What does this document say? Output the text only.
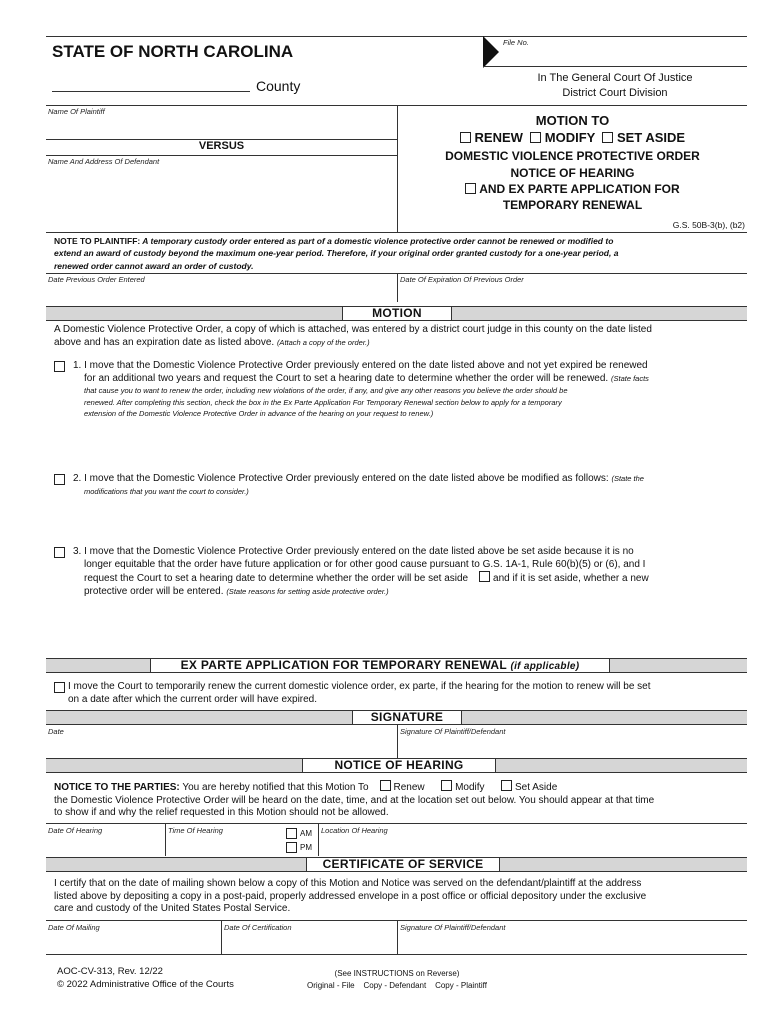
STATE OF NORTH CAROLINA
County
File No.
In The General Court Of Justice
District Court Division
Name Of Plaintiff
VERSUS
Name And Address Of Defendant
MOTION TO
RENEW MODIFY SET ASIDE
DOMESTIC VIOLENCE PROTECTIVE ORDER
NOTICE OF HEARING
AND EX PARTE APPLICATION FOR
TEMPORARY RENEWAL
G.S. 50B-3(b), (b2)
NOTE TO PLAINTIFF: A temporary custody order entered as part of a domestic violence protective order cannot be renewed or modified to
extend an award of custody beyond the maximum one-year period. Therefore, if your original order granted custody for a one-year period, a
renewed order cannot award an order of custody.
Date Previous Order Entered	Date Of Expiration Of Previous Order
MOTION
A Domestic Violence Protective Order, a copy of which is attached, was entered by a district court judge in this county on the date listed
above and has an expiration date as listed above. (Attach a copy of the order.)
1. I move that the Domestic Violence Protective Order previously entered on the date listed above and not yet expired be renewed
for an additional two years and request the Court to set a hearing date to determine whether the order will be renewed. (State facts
that cause you to want to renew the order, including new violations of the order, if any, and give any other reasons you believe the order should be
renewed. After completing this section, check the box in the Ex Parte Application For Temporary Renewal section below to apply for a temporary
extension of the Domestic Violence Protective Order in advance of the hearing on your request to renew.)
2. I move that the Domestic Violence Protective Order previously entered on the date listed above be modified as follows: (State the
modifications that you want the court to consider.)
3. I move that the Domestic Violence Protective Order previously entered on the date listed above be set aside because it is no
longer equitable that the order have future application or for other good cause pursuant to G.S. 1A-1, Rule 60(b)(5) or (6), and I
request the Court to set a hearing date to determine whether the order will be set aside and if it is set aside, whether a new
protective order will be entered. (State reasons for setting aside protective order.)
EX PARTE APPLICATION FOR TEMPORARY RENEWAL (if applicable)
I move the Court to temporarily renew the current domestic violence order, ex parte, if the hearing for the motion to renew will be set
on a date after which the current order will have expired.
SIGNATURE
Date	Signature Of Plaintiff/Defendant
NOTICE OF HEARING
NOTICE TO THE PARTIES: You are hereby notified that this Motion To Renew	Modify	Set Aside
the Domestic Violence Protective Order will be heard on the date, time, and at the location set out below. You should appear at that time
to show if and why the relief requested in this Motion should not be allowed.
Date Of Hearing	Time Of Hearing	Location Of Hearing
AM
PM
CERTIFICATE OF SERVICE
I certify that on the date of mailing shown below a copy of this Motion and Notice was served on the defendant/plaintiff at the address
listed above by depositing a copy in a post-paid, properly addressed envelope in a post office or official depository under the exclusive
care and custody of the United States Postal Service.
Date Of Mailing	Date Of Certification	Signature Of Plaintiff/Defendant
AOC-CV-313, Rev. 12/22
© 2022 Administrative Office of the Courts
(See INSTRUCTIONS on Reverse)
Original - File    Copy - Defendant    Copy - Plaintiff
